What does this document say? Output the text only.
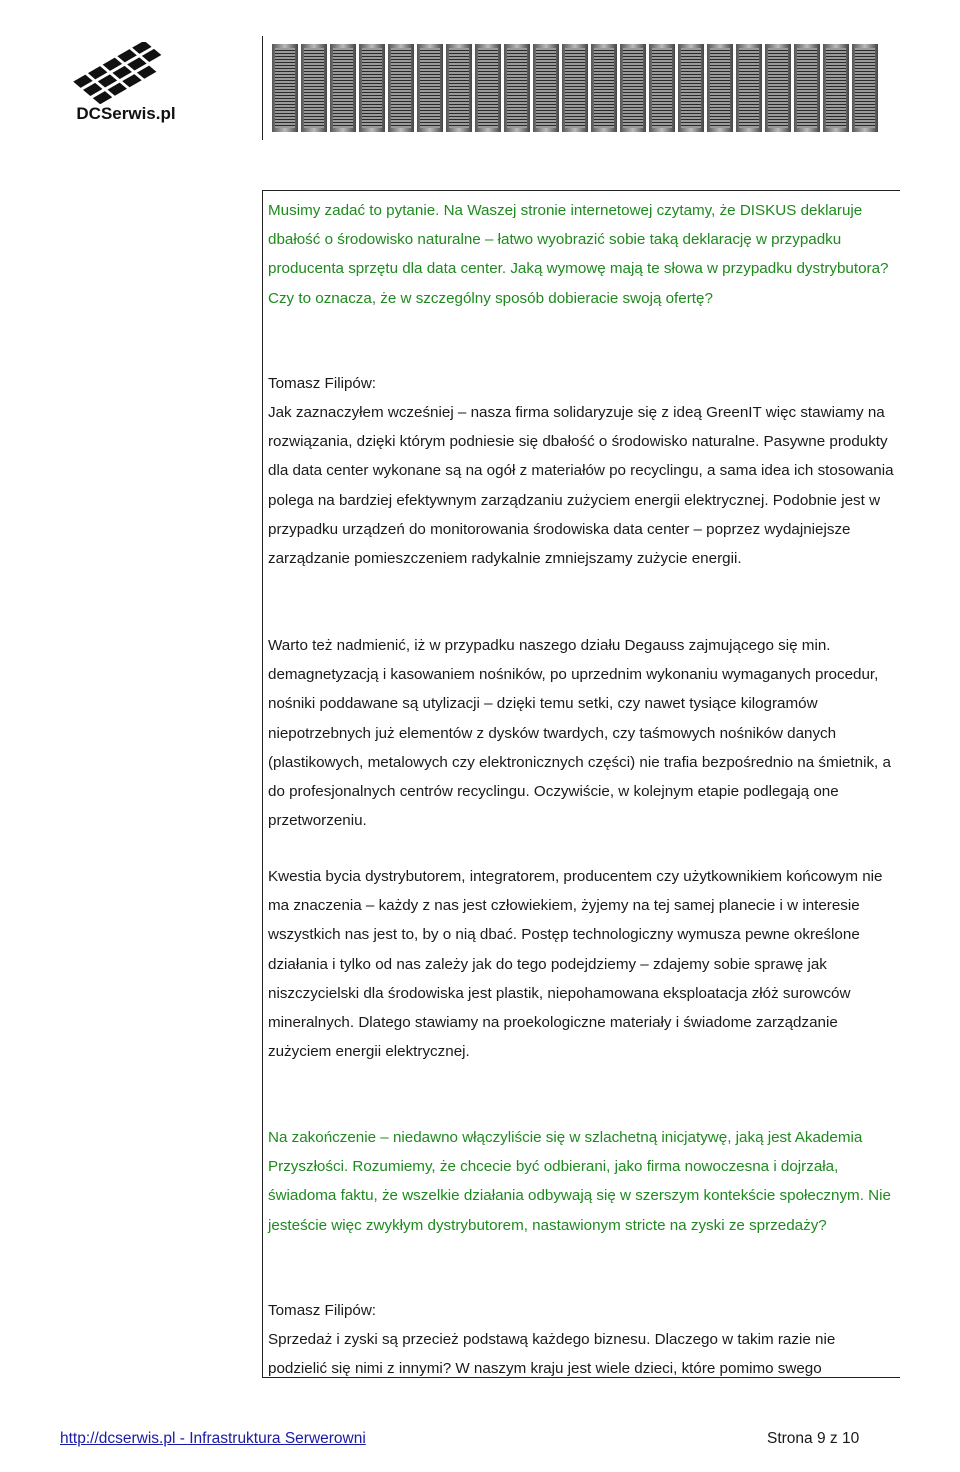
DCSerwis.pl

Musimy zadać to pytanie. Na Waszej stronie internetowej czytamy, że DISKUS deklaruje dbałość o środowisko naturalne – łatwo wyobrazić sobie taką deklarację w przypadku producenta sprzętu dla data center. Jaką wymowę mają te słowa w przypadku dystrybutora? Czy to oznacza, że w szczególny sposób dobieracie swoją ofertę?

Tomasz Filipów:

Jak zaznaczyłem wcześniej – nasza firma solidaryzuje się z ideą GreenIT więc stawiamy na rozwiązania, dzięki którym podniesie się dbałość o środowisko naturalne. Pasywne produkty dla data center wykonane są na ogół z materiałów po recyclingu, a sama idea ich stosowania polega na bardziej efektywnym zarządzaniu zużyciem energii elektrycznej. Podobnie jest w przypadku urządzeń do monitorowania środowiska data center – poprzez wydajniejsze zarządzanie pomieszczeniem radykalnie zmniejszamy zużycie energii.

Warto też nadmienić, iż w przypadku naszego działu Degauss zajmującego się min. demagnetyzacją i kasowaniem nośników, po uprzednim wykonaniu wymaganych procedur, nośniki poddawane są utylizacji – dzięki temu setki, czy nawet tysiące kilogramów niepotrzebnych już elementów z dysków twardych, czy taśmowych nośników danych (plastikowych, metalowych czy elektronicznych części) nie trafia bezpośrednio na śmietnik, a do profesjonalnych centrów recyclingu. Oczywiście, w kolejnym etapie podlegają one przetworzeniu.

Kwestia bycia dystrybutorem, integratorem, producentem czy użytkownikiem końcowym nie ma znaczenia – każdy z nas jest człowiekiem, żyjemy na tej samej planecie i w interesie wszystkich nas jest to, by o nią dbać. Postęp technologiczny wymusza pewne określone działania i tylko od nas zależy jak do tego podejdziemy – zdajemy sobie sprawę jak niszczycielski dla środowiska jest plastik, niepohamowana eksploatacja złóż surowców mineralnych. Dlatego stawiamy na proekologiczne materiały i świadome zarządzanie zużyciem energii elektrycznej.

Na zakończenie – niedawno włączyliście się w szlachetną inicjatywę, jaką jest Akademia Przyszłości. Rozumiemy, że chcecie być odbierani, jako firma nowoczesna i dojrzała, świadoma faktu, że wszelkie działania odbywają się w szerszym kontekście społecznym. Nie jesteście więc zwykłym dystrybutorem, nastawionym stricte na zyski ze sprzedaży?

Tomasz Filipów:

Sprzedaż i zyski są przecież podstawą każdego biznesu. Dlaczego w takim razie nie podzielić się nimi z innymi? W naszym kraju jest wiele dzieci, które pomimo swego

http://dcserwis.pl - Infrastruktura Serwerowni	Strona 9 z 10
